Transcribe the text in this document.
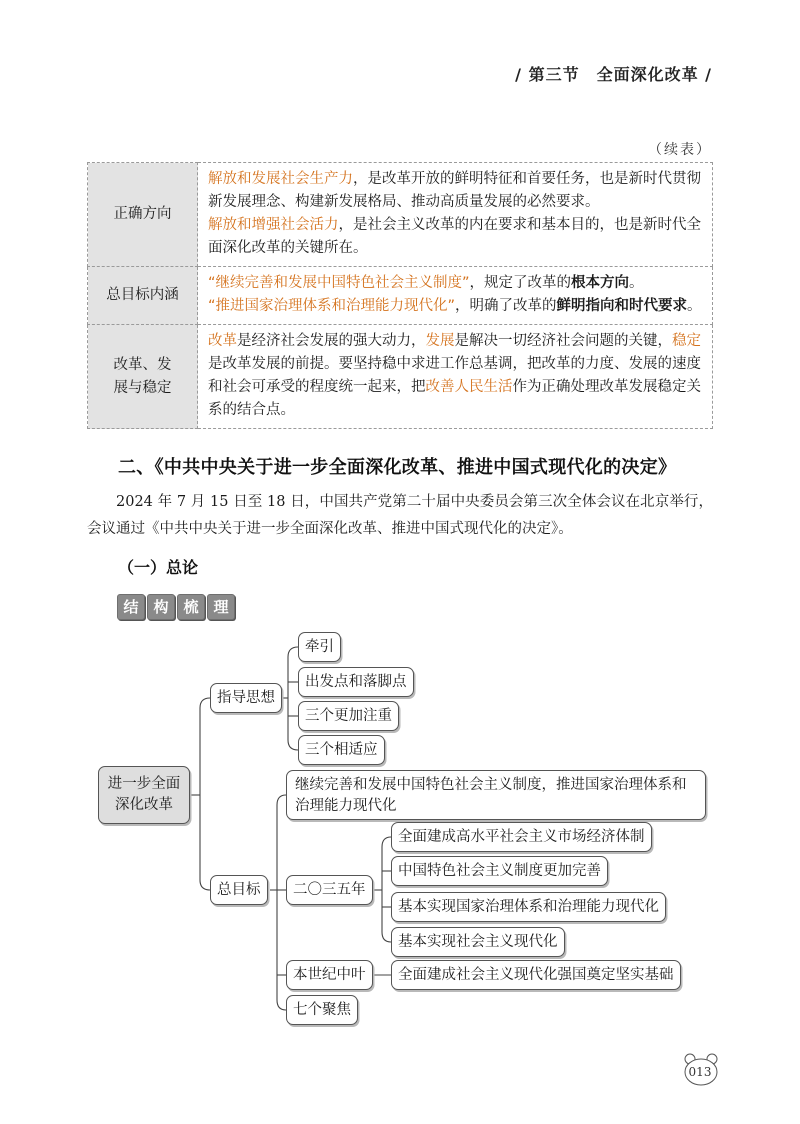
/ 第三节　全面深化改革 /
（续表）
正确方向	解放和发展社会生产力，是改革开放的鲜明特征和首要任务，也是新时代贯彻新发展理念、构建新发展格局、推动高质量发展的必然要求。
解放和增强社会活力，是社会主义改革的内在要求和基本目的，也是新时代全面深化改革的关键所在。

总目标内涵	“继续完善和发展中国特色社会主义制度”，规定了改革的根本方向。
“推进国家治理体系和治理能力现代化”，明确了改革的鲜明指向和时代要求。

改革、发展与稳定	改革是经济社会发展的强大动力，发展是解决一切经济社会问题的关键，稳定是改革发展的前提。要坚持稳中求进工作总基调，把改革的力度、发展的速度和社会可承受的程度统一起来，把改善人民生活作为正确处理改革发展稳定关系的结合点。
二、《中共中央关于进一步全面深化改革、推进中国式现代化的决定》
2024 年 7 月 15 日至 18 日，中国共产党第二十届中央委员会第三次全体会议在北京举行，会议通过《中共中央关于进一步全面深化改革、推进中国式现代化的决定》。
（一）总论
结 构 梳 理
进一步全面深化改革
指导思想
牵引
出发点和落脚点
三个更加注重
三个相适应
总目标
继续完善和发展中国特色社会主义制度，推进国家治理体系和治理能力现代化
二〇三五年
全面建成高水平社会主义市场经济体制
中国特色社会主义制度更加完善
基本实现国家治理体系和治理能力现代化
基本实现社会主义现代化
本世纪中叶	全面建成社会主义现代化强国奠定坚实基础
七个聚焦
013
